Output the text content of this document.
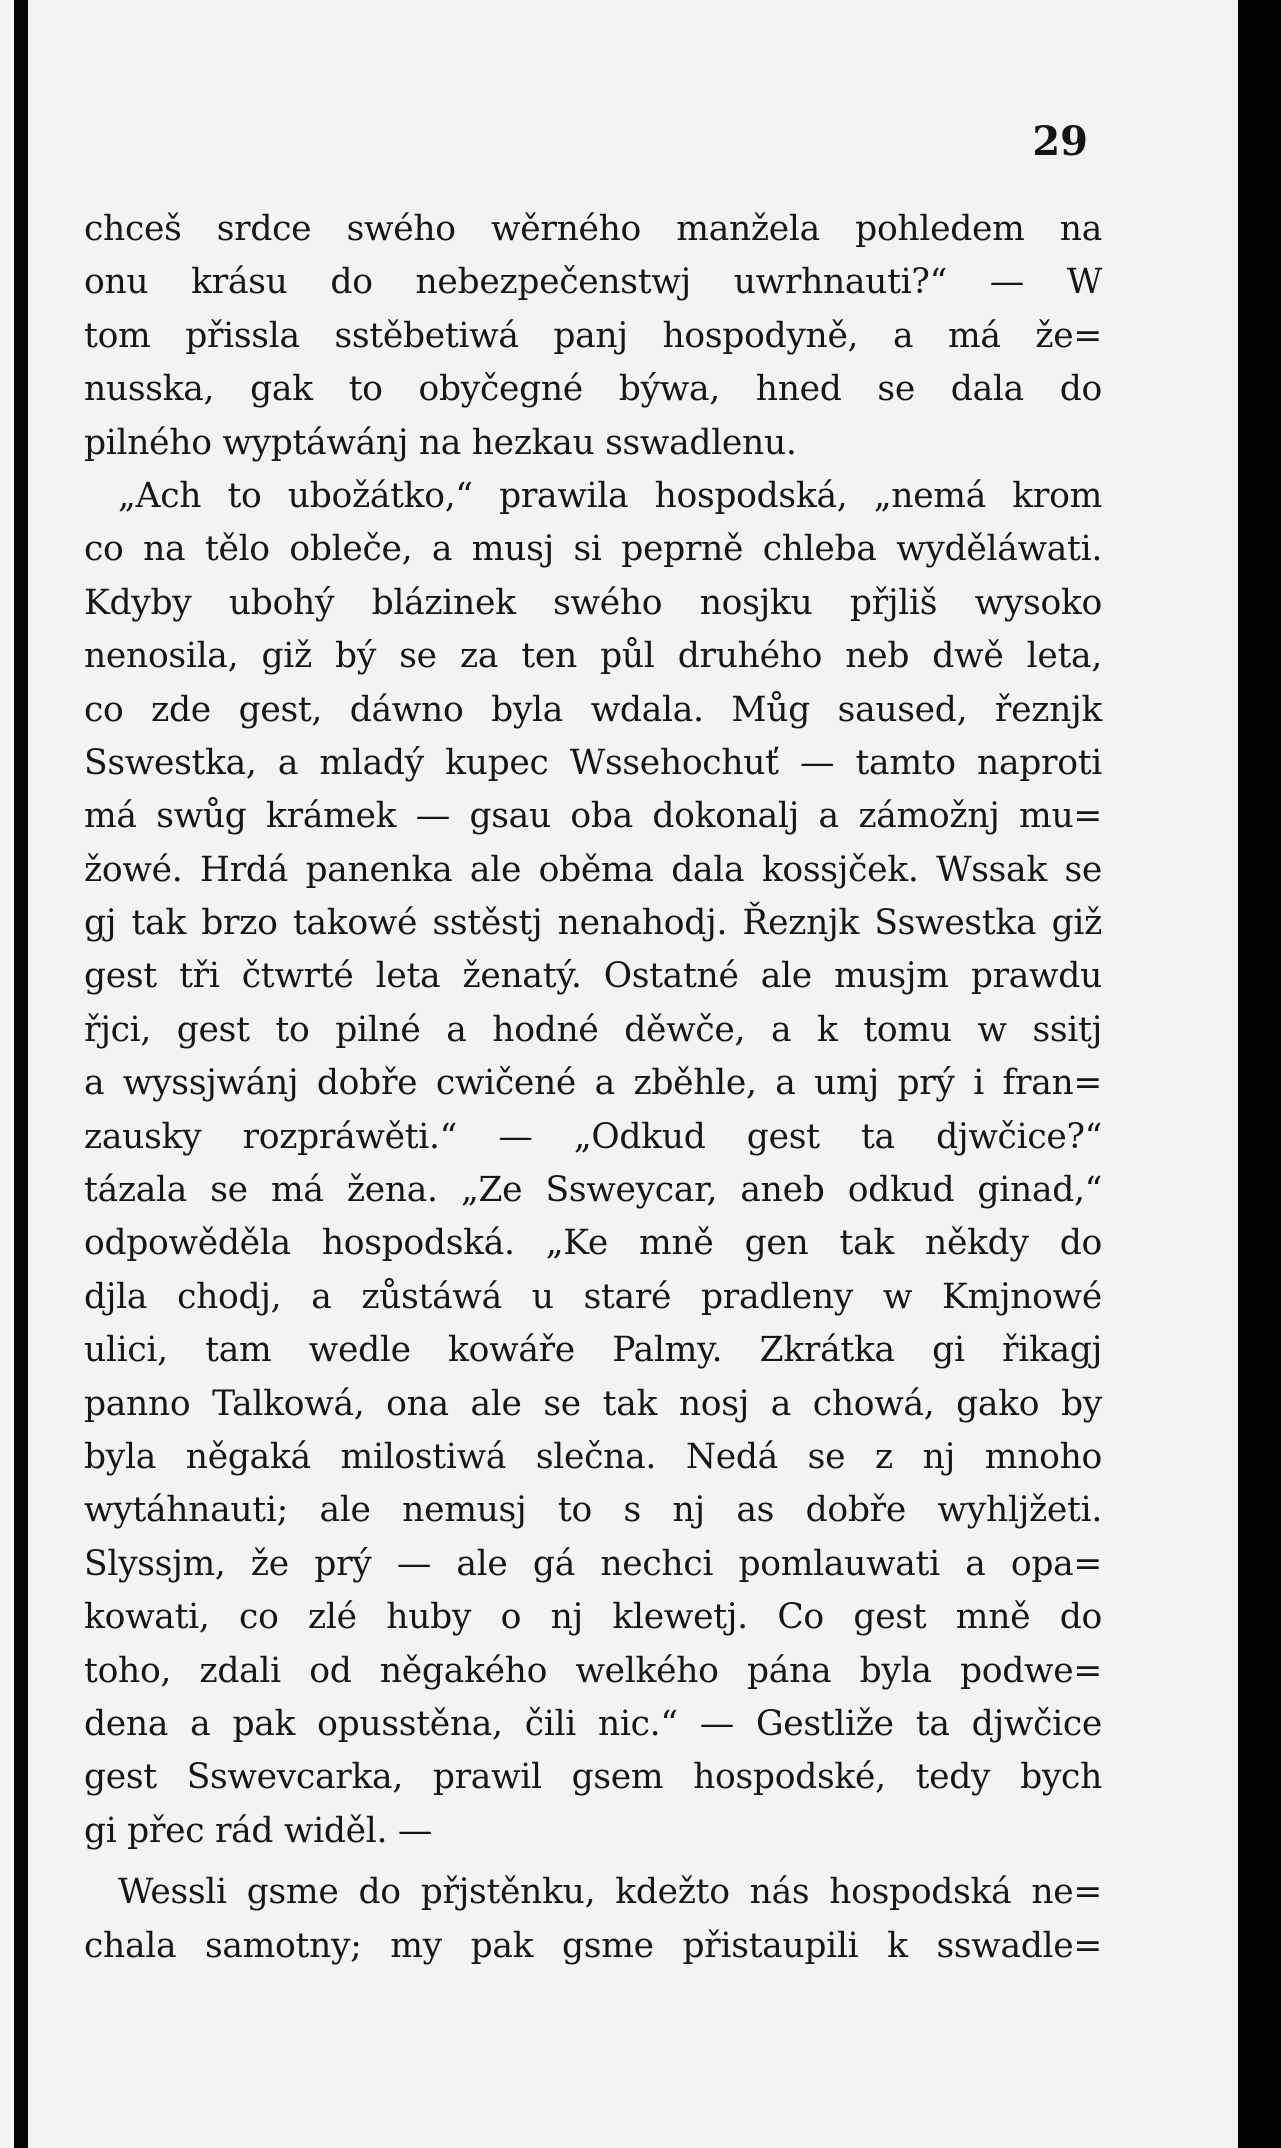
29
chceš srdce swého wěrného manžela pohledem na
onu krásu do nebezpečenstwj uwrhnauti?“ — W
tom přissla sstěbetiwá panj hospodyně, a má že=
nusska, gak to obyčegné býwa, hned se dala do
pilného wyptáwánj na hezkau sswadlenu.
„Ach to ubožátko,“ prawila hospodská, „nemá krom
co na tělo obleče, a musj si peprně chleba wyděláwati.
Kdyby ubohý blázinek swého nosjku přjliš wysoko
nenosila, giž bý se za ten půl druhého neb dwě leta,
co zde gest, dáwno byla wdala. Můg saused, řeznjk
Sswestka, a mladý kupec Wssehochuť — tamto naproti
má swůg krámek — gsau oba dokonalj a zámožnj mu=
žowé. Hrdá panenka ale oběma dala kossjček. Wssak se
gj tak brzo takowé sstěstj nenahodj. Řeznjk Sswestka giž
gest tři čtwrté leta ženatý. Ostatné ale musjm prawdu
řjci, gest to pilné a hodné děwče, a k tomu w ssitj
a wyssjwánj dobře cwičené a zběhle, a umj prý i fran=
zausky rozpráwěti.“ — „Odkud gest ta djwčice?“
tázala se má žena. „Ze Ssweycar, aneb odkud ginad,“
odpowěděla hospodská. „Ke mně gen tak někdy do
djla chodj, a zůstáwá u staré pradleny w Kmjnowé
ulici, tam wedle kowáře Palmy. Zkrátka gi řikagj
panno Talkowá, ona ale se tak nosj a chowá, gako by
byla něgaká milostiwá slečna. Nedá se z nj mnoho
wytáhnauti; ale nemusj to s nj as dobře wyhljžeti.
Slyssjm, že prý — ale gá nechci pomlauwati a opa=
kowati, co zlé huby o nj klewetj. Co gest mně do
toho, zdali od něgakého welkého pána byla podwe=
dena a pak opusstěna, čili nic.“ — Gestliže ta djwčice
gest Sswevcarka, prawil gsem hospodské, tedy bych
gi přec rád widěl. —
Wessli gsme do přjstěnku, kdežto nás hospodská ne=
chala samotny; my pak gsme přistaupili k sswadle=
